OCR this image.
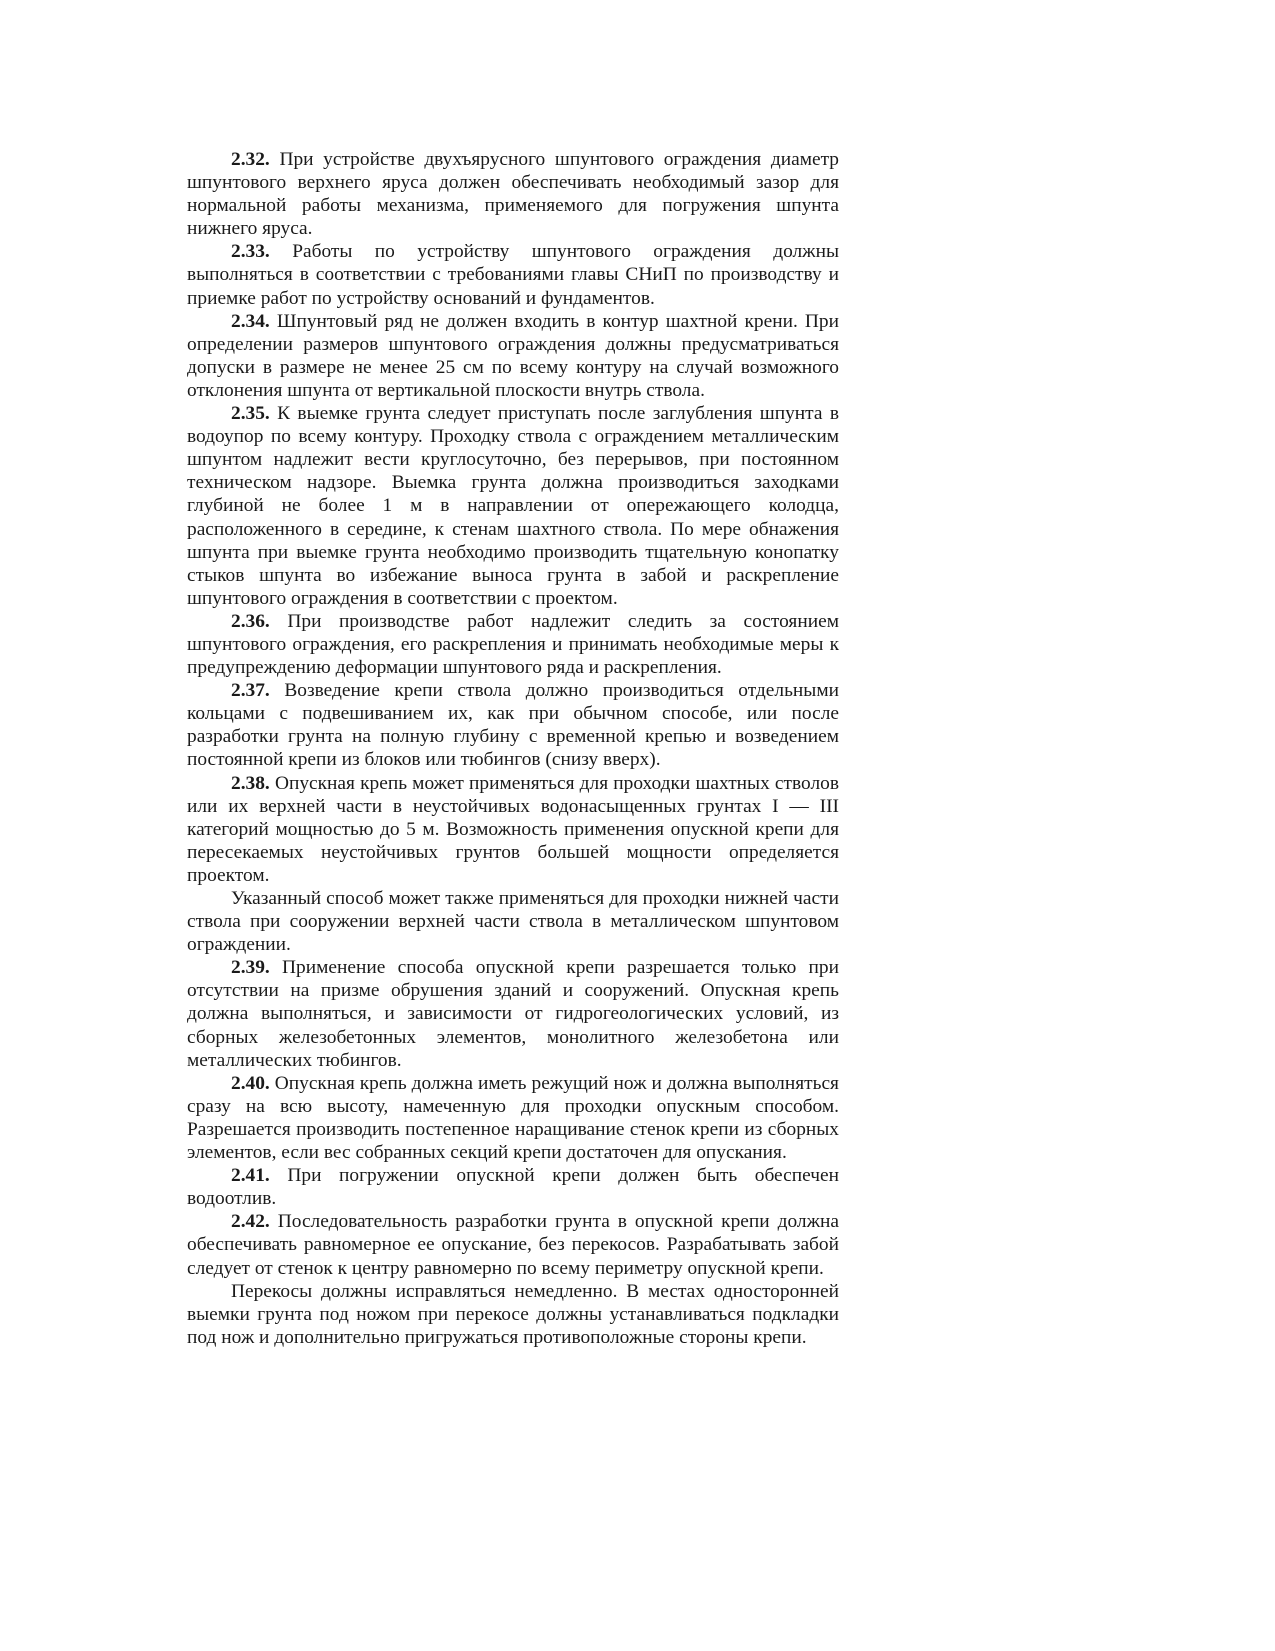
2.32. При устройстве двухъярусного шпунтового ограждения диаметр шпунтового верхнего яруса должен обеспечивать необходимый зазор для нормальной работы механизма, применяемого для погружения шпунта нижнего яруса.

2.33. Работы по устройству шпунтового ограждения должны выполняться в соответствии с требованиями главы СНиП по производству и приемке работ по устройству оснований и фундаментов.

2.34. Шпунтовый ряд не должен входить в контур шахтной крени. При определении размеров шпунтового ограждения должны предусматриваться допуски в размере не менее 25 см по всему контуру на случай возможного отклонения шпунта от вертикальной плоскости внутрь ствола.

2.35. К выемке грунта следует приступать после заглубления шпунта в водоупор по всему контуру. Проходку ствола с ограждением металлическим шпунтом надлежит вести круглосуточно, без перерывов, при постоянном техническом надзоре. Выемка грунта должна производиться заходками глубиной не более 1 м в направлении от опережающего колодца, расположенного в середине, к стенам шахтного ствола. По мере обнажения шпунта при выемке грунта необходимо производить тщательную конопатку стыков шпунта во избежание выноса грунта в забой и раскрепление шпунтового ограждения в соответствии с проектом.

2.36. При производстве работ надлежит следить за состоянием шпунтового ограждения, его раскрепления и принимать необходимые меры к предупреждению деформации шпунтового ряда и раскрепления.

2.37. Возведение крепи ствола должно производиться отдельными кольцами с подвешиванием их, как при обычном способе, или после разработки грунта на полную глубину с временной крепью и возведением постоянной крепи из блоков или тюбингов (снизу вверх).

2.38. Опускная крепь может применяться для проходки шахтных стволов или их верхней части в неустойчивых водонасыщенных грунтах I — III категорий мощностью до 5 м. Возможность применения опускной крепи для пересекаемых неустойчивых грунтов большей мощности определяется проектом.

Указанный способ может также применяться для проходки нижней части ствола при сооружении верхней части ствола в металлическом шпунтовом ограждении.

2.39. Применение способа опускной крепи разрешается только при отсутствии на призме обрушения зданий и сооружений. Опускная крепь должна выполняться, и зависимости от гидрогеологических условий, из сборных железобетонных элементов, монолитного железобетона или металлических тюбингов.

2.40. Опускная крепь должна иметь режущий нож и должна выполняться сразу на всю высоту, намеченную для проходки опускным способом. Разрешается производить постепенное наращивание стенок крепи из сборных элементов, если вес собранных секций крепи достаточен для опускания.

2.41. При погружении опускной крепи должен быть обеспечен водоотлив.

2.42. Последовательность разработки грунта в опускной крепи должна обеспечивать равномерное ее опускание, без перекосов. Разрабатывать забой следует от стенок к центру равномерно по всему периметру опускной крепи.

Перекосы должны исправляться немедленно. В местах односторонней выемки грунта под ножом при перекосе должны устанавливаться подкладки под нож и дополнительно пригружаться противоположные стороны крепи.
